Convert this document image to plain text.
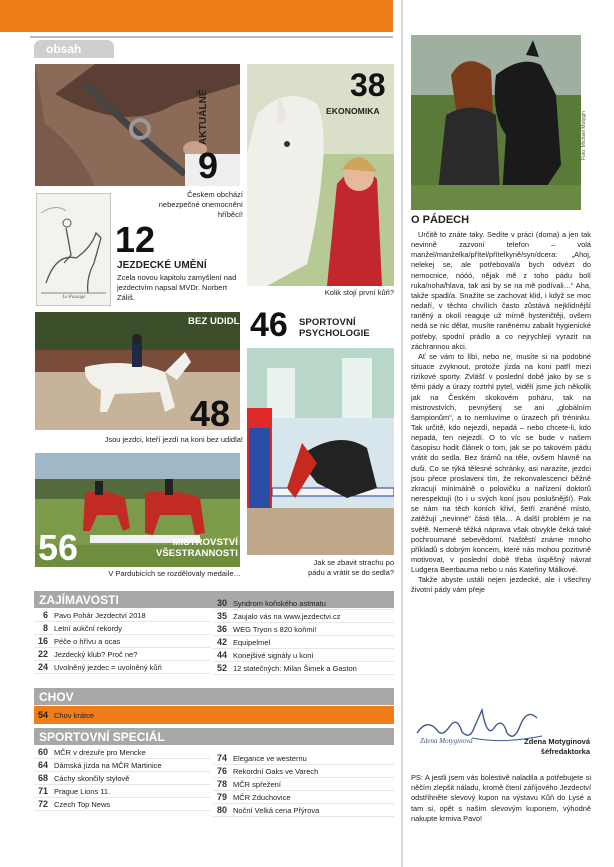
obsah
9
AKTUÁLNĚ
Českem obchází nebezpečné onemocnění hříběcí!
38
EKONOMIKA
Kolik stojí první kůň?
Le Passage
12
JEZDECKÉ UMĚNÍ
Zcela novou kapitolu zamyšlení nad jezdectvím napsal MVDr. Norbert Záliš.
BEZ UDIDLA
48
Jsou jezdci, kteří jezdí na koni bez udidla!
46 SPORTOVNÍ PSYCHOLOGIE
Jak se zbavit strachu po pádu a vrátit se do sedla?
56	MISTROVSTVÍ VŠESTRANNOSTI
V Pardubicích se rozdělovaly medaile…
ZAJÍMAVOSTI
6 Pavo Pohár Jezdectví 2018
8 Letní aukční rekordy
16 Péče o hřívu a ocas
22 Jezdecký klub? Proč ne?
24 Uvolněný jezdec = uvolněný kůň
30 Syndrom koňského astmatu
35 Zaujalo vás na www.jezdectvi.cz
36 WEG Tryon s 820 koňmi!
42 Equipelmel
44 Konejšivé signály u koní
52 12 statečných: Milan Šimek a Gaston
CHOV
54 Chov krátce
SPORTOVNÍ SPECIÁL
60 MČR v drezuře pro Mencke
64 Dámská jízda na MČR Martinice
68 Cáchy skončily stylově
71 Prague Lions 11.
72 Czech Top News
74 Elegance ve westernu
76 Rekordní Oaks ve Varech
78 MČR spřežení
79 MČR Zduchovice
80 Noční Velká cena Přýrova
Foto: Michael Motygin
O PÁDECH

Určitě to znáte taky. Sedíte v práci (doma) a jen tak nevinně zazvoní telefon – volá manžel/manželka/přítel/přítelkyně/syn/dcera: „Ahoj, nelekej se, ale potřeboval/a bych odvézt do nemocnice, nóóó, nějak mě z toho pádu bolí ruka/noha/hlava, tak asi by se na mě podívali…“ Aha, takže spadl/a. Snažíte se zachovat klid, i když se moc nedaří, v těchto chvílích často zůstává nejklidnější raněný a okolí reaguje už mírně hysteričtěji, ovšem nedá se nic dělat, musíte raněnému zabalit hygienické potřeby, spodní prádlo a co nejrychleji vyrazit na záchrannou akci.

Ať se vám to líbí, nebo ne, musíte si na podobné situace zvyknout, protože jízda na koni patří mezi rizikové sporty. Zvlášť v poslední době jako by se s těmi pády a úrazy roztrhl pytel, vidělí jsme jich několik jak na Českém skokovém poháru, tak na mistrovstvích, pevnýšenj se ani „globálním šampionům“, a to nemluvíme o úrazech při tréninku. Tak určitě, kdo nejezdí, nepadá – nebo chcete-li, kdo nepadá, ten nejezdí. O to víc se bude v našem časopisu hodit článek o tom, jak se po takovém pádu vrátit do sedla. Bez šrámů na těle, ovšem hlavně na duši. Co se týká tělesné schránky, asi narazíte, jezdci jsou přece proslaveni tím, že rekonvalescenci běžně zkracují minimálně o polovičku a nařízení doktorů nerespektují (to i u svých koní jsou poslušnější). Pak se nám na těch koních křiví, šetří zraněné místo, zatěžují „nevinné“ části těla… A další problém je na světě. Nemeně těžká náprava však obvykle čeká také pochroumané sebevědomí. Naštěstí známe mnoho příkladů s dobrým koncem, které nás mohou pozitivně motivovat, v poslední době třeba úspěšný návrat Ludgera Beerbauma nebo u nás Kateřiny Málkové.

Takže abyste ustáli nejen jezdecké, ale i všechny životní pády vám přeje

Zdena Motyginová	Zdena Motyginová
šéfredaktorka
PS: A jestli jsem vás bolestivě naladila a potřebujete si něčím zlepšit náladu, kromě čtení záříjového Jezdectví odstřihněte slevový kupon na výstavu Kůň do Lysé a tam si, opět s naším slevovým kuponem, výhodně nakupte krmiva Pavo!
